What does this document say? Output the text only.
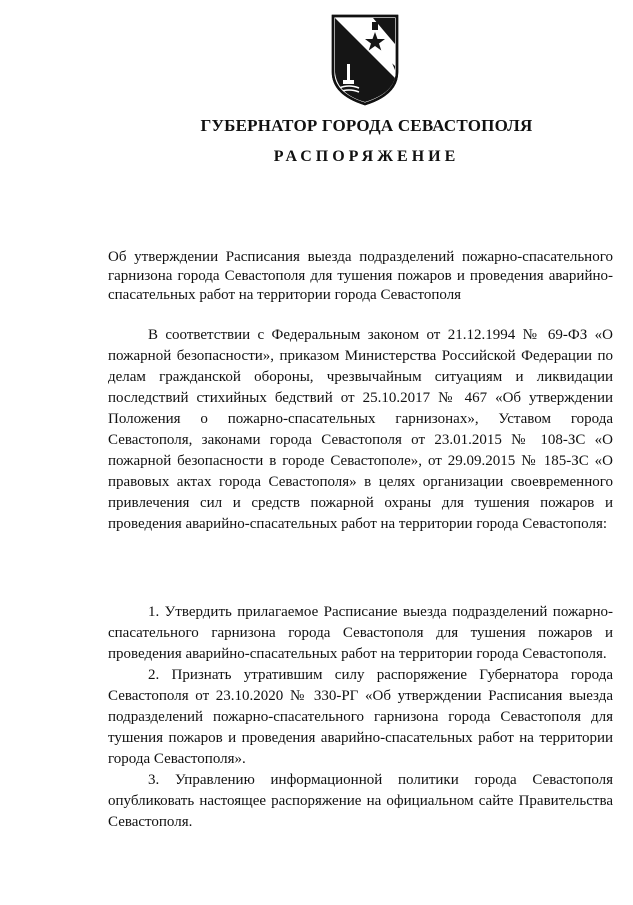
ГУБЕРНАТОР ГОРОДА СЕВАСТОПОЛЯ
РАСПОРЯЖЕНИЕ
Об утверждении Расписания выезда подразделений пожарно-спасательного гарнизона города Севастополя для тушения пожаров и проведения аварийно-спасательных работ на территории города Севастополя

В соответствии с Федеральным законом от 21.12.1994 № 69-ФЗ «О пожарной безопасности», приказом Министерства Российской Федерации по делам гражданской обороны, чрезвычайным ситуациям и ликвидации последствий стихийных бедствий от 25.10.2017 № 467 «Об утверждении Положения о пожарно-спасательных гарнизонах», Уставом города Севастополя, законами города Севастополя от 23.01.2015 № 108-ЗС «О пожарной безопасности в городе Севастополе», от 29.09.2015 № 185-ЗС «О правовых актах города Севастополя» в целях организации своевременного привлечения сил и средств пожарной охраны для тушения пожаров и проведения аварийно-спасательных работ на территории города Севастополя:

1. Утвердить прилагаемое Расписание выезда подразделений пожарно-спасательного гарнизона города Севастополя для тушения пожаров и проведения аварийно-спасательных работ на территории города Севастополя.

2. Признать утратившим силу распоряжение Губернатора города Севастополя от 23.10.2020 № 330-РГ «Об утверждении Расписания выезда подразделений пожарно-спасательного гарнизона города Севастополя для тушения пожаров и проведения аварийно-спасательных работ на территории города Севастополя».

3. Управлению информационной политики города Севастополя опубликовать настоящее распоряжение на официальном сайте Правительства Севастополя.
